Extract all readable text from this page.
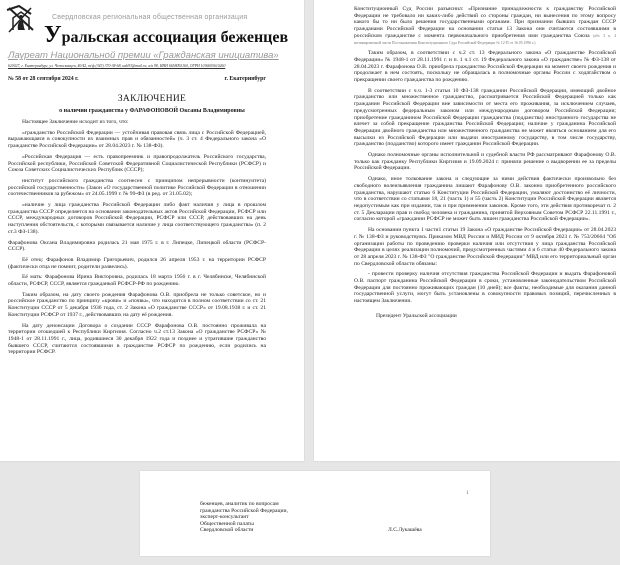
Свердловская региональная общественная организация
Уральская ассоциация беженцев
Лауреат Национальной премии «Гражданская инициатива»
620027, г. Екатеринбург, ул. Челюскинцев, 40/42, т/ф (343) 370-38-68, uab93@mail.ru, а/я 98, ИНН 6658092160, ОГРН 1036605610260
№ 58 от 28 сентября 2024 г.	г. Екатеринбург
ЗАКЛЮЧЕНИЕ
о наличии гражданства у ФАРАФОНОВОЙ Оксаны Владимировны

Настоящее Заключение исходит из того, что:

«гражданство Российской Федерации — устойчивая правовая связь лица с Российской Федерацией, выражающаяся в совокупности их взаимных прав и обязанностей» (ч. 3 ст. 4 Федерального закона «О гражданстве Российской Федерации» от 28.04.2023 г. № 138-ФЗ).

«Российская Федерация — есть правопреемник и правопродолжатель Российского государства, Российской республики, Российской Советской Федеративной Социалистической Республики (РСФСР) и Союза Советских Социалистических Республик (СССР);

институт российского гражданства соотнесен с принципом непрерывности (континуитета) российской государственности» (Закон «О государственной политике Российской Федерации в отношении соотечественников за рубежом» от 24.05.1999 г. № 99-ФЗ (в ред. от 31.05.02);

«наличие у лица гражданства Российской Федерации либо факт наличия у лица в прошлом гражданства СССР определяется на основании законодательных актов Российской Федерации, РСФСР или СССР, международных договоров Российской Федерации, РСФСР или СССР, действовавших на день наступления обстоятельств, с которыми связывается наличие у лица соответствующего гражданства» (п. 2 ст.3 ФЗ-138).

Фарафонова Оксана Владимировна родилась 21 мая 1975 г. в г. Липецке, Липецкой области (РСФСР-СССР).

Её отец: Фарафонов Владимир Григорьевич, родился 26 апреля 1953 г. на территории РСФСР (фактически отца не помнит, родители развелись).

Её мать: Фарафонова Ирина Викторовна, родилась 18 марта 1956 г. в г. Челябинске, Челябинской области, РСФСР, СССР, является гражданкой РСФСР-РФ по рождению.

Таким образом, на дату своего рождения Фарафонова О.В. приобрела не только советское, но и российское гражданство по принципу «крови» и «почвы», что находится в полном соответствии со ст. 21 Конституции СССР от 5 декабря 1936 года, ст. 2 Закона «О гражданстве СССР» от 19.08.1938 г. и ст. 21 Конституции РСФСР от 1937 г., действовавших на дату её рождения.

На дату денонсации Договора о создании СССР Фарафонова О.В. постоянно проживала на территории отошедшей к Республики Киргизия. Согласно ч.2 ст.13 Закона «О гражданстве РСФСР» № 1948-1 от 28.11.1991 г., лица, родившиеся 30 декабря 1922 года и позднее и утратившие гражданство бывшего СССР, считаются состоявшими в гражданстве РСФСР по рождению, если родились на территории РСФСР.

Конституционный Суд России разъяснил: «Признание принадлежности к гражданству Российской Федерации не требовало ни каких-либо действий со стороны граждан, ни вынесения по этому вопросу какого бы то ни было решения государственными органами. При признании бывших граждан СССР гражданами Российской Федерации на основании статьи 13 Закона они считаются состоявшими в российском гражданстве с момента первоначального приобретения ими гражданства Союза (абз. 5 п. 4 мотивировочной части Постановления Конституционного Суда Российской Федерации № 12-П от 16.05.1996 г.).

Таким образом, в соответствии с ч.2 ст. 13 Федерального закона «О гражданстве Российской Федерации» № 1948-1 от 28.11.1991 г. и п. 1 ч.1 ст. 19 Федерального закона «О гражданстве» № ФЗ-138 от 28.04.2023 г. Фарафонова О.В. приобрела гражданство Российской Федерации на момент своего рождения и продолжает в нем состоять, поскольку не обращалась в полномочные органы России с ходатайством о прекращении своего гражданства по рождению.

В соответствии с ч.ч. 1-3 статьи 10 ФЗ-138 гражданин Российской Федерации, имеющий двойное гражданство или множественное гражданство, рассматривается Российской Федерацией только как гражданин Российской Федерации вне зависимости от места его проживания, за исключением случаев, предусмотренных федеральным законом или международным договором Российской Федерации; приобретение гражданином Российской Федерации гражданства (подданства) иностранного государства не влечет за собой прекращение гражданства Российской Федерации; наличие у гражданина Российской Федерации двойного гражданства или множественного гражданства не может являться основанием для его высылки из Российской Федерации или выдачи иностранному государству, в том числе государству, гражданство (подданство) которого имеет гражданин Российской Федерации.

Однако полномочные органы исполнительной и судебной власти РФ рассматривают Фарафонову О.В. только как гражданку Республики Киргизия и 19.09.2024 г. приняли решение о выдворении ее за пределы Российской Федерации.

Однако, иное толкование закона и следующие за ними действия фактически произвольно без свободного волеизъявления гражданина лишают Фарафонову О.В. законно приобретенного российского гражданства, нарушают статью 6 Конституции Российской Федерации, умаляют достоинство её личности, что в соответствии со статьями 18, 21 (часть 1) и 55 (часть 2) Конституции Российской Федерации является недопустимым как при издании, так и при применении законов. Кроме того, эти действия противоречат п. 2 ст. 5 Декларации прав и свобод человека и гражданина, принятой Верховным Советом РСФСР 22.11.1991 г., согласно которой «гражданин РСФСР не может быть лишен гражданства Российской Федерации».

На основании пункта 1 части1 статьи 19 Закона «О гражданстве Российской Федерации» от 28.04.2023 г. № 138-ФЗ и руководствуясь Приказом МВД России и МИД России от 9 октября 2023 г. № 753/20664 "Об организации работы по проведению проверки наличия или отсутствия у лица гражданства Российской Федерации в целях реализации полномочий, предусмотренных частями 4 и 6 статьи 40 Федерального закона от 28 апреля 2023 г. № 138-ФЗ "О гражданстве Российской Федерации" МВД или его территориальный орган по Свердловской области обязаны:

- провести проверку наличия отсутствия гражданства Российской Федерации и выдать Фарафоновой О.В. паспорт гражданина Российской Федерации в сроки, установленные законодательством Российской Федерации для постоянно проживающих граждан (10 дней); все факты, необходимые для оказания данной государственной услуги, могут быть установлены в совокупности правовых позиций, перечисленных в настоящем Заключении.

Президент Уральской ассоциации

1
беженцев, аналитик по вопросам
гражданства Российской Федерации,
эксперт-консультант
Общественной палаты
Свердловской области	Л.С.Лукашёва
